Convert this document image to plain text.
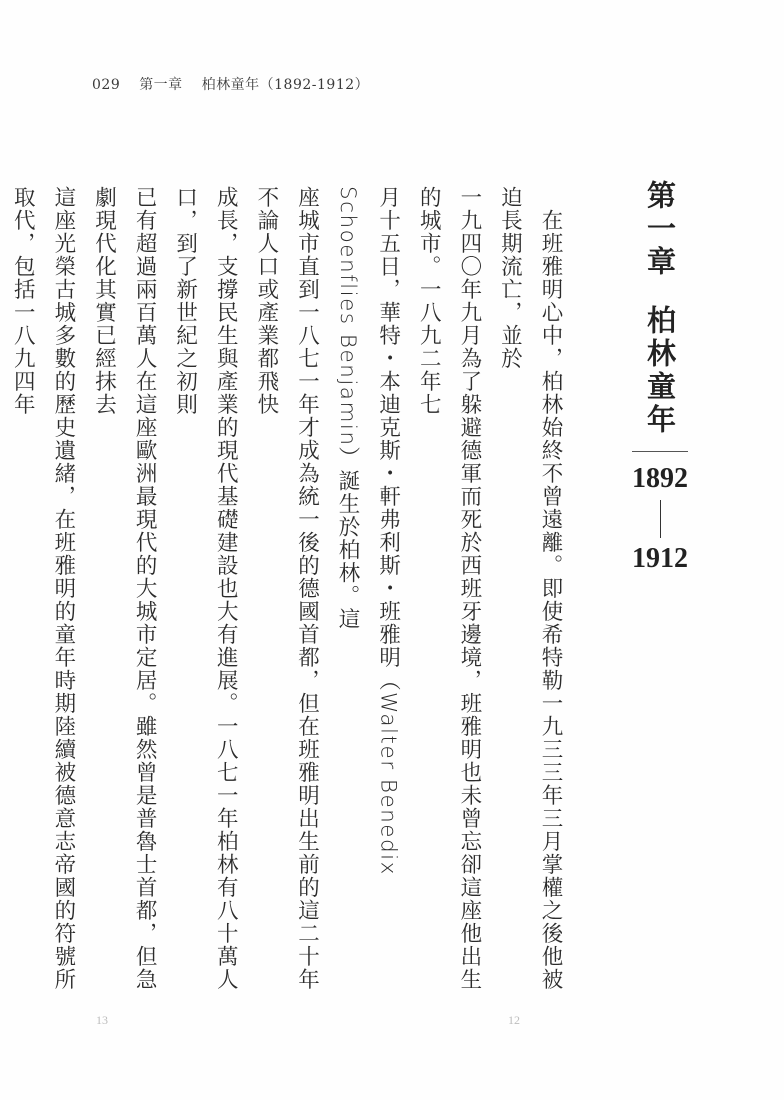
029 第一章 柏林童年（1892-1912）
第一章
柏林童年
1892
1912
　在班雅明心中，柏林始終不曾遠離。即使希特勒一九三三年三月掌權之後他被迫長期流亡，並於
一九四〇年九月為了躲避德軍而死於西班牙邊境，班雅明也未曾忘卻這座他出生的城市。一八九二年七
月十五日，華特・本迪克斯・軒弗利斯・班雅明（Walter Benedix Schoenflies Benjamin）誕生於柏林。這
座城市直到一八七一年才成為統一後的德國首都，但在班雅明出生前的這二十年不論人口或產業都飛快
成長，支撐民生與產業的現代基礎建設也大有進展。一八七一年柏林有八十萬人口，到了新世紀之初則
已有超過兩百萬人在這座歐洲最現代的大城市定居。雖然曾是普魯士首都，但急劇現代化其實已經抹去
這座光榮古城多數的歷史遺緒，在班雅明的童年時期陸續被德意志帝國的符號所取代，包括一八九四年
13	12
